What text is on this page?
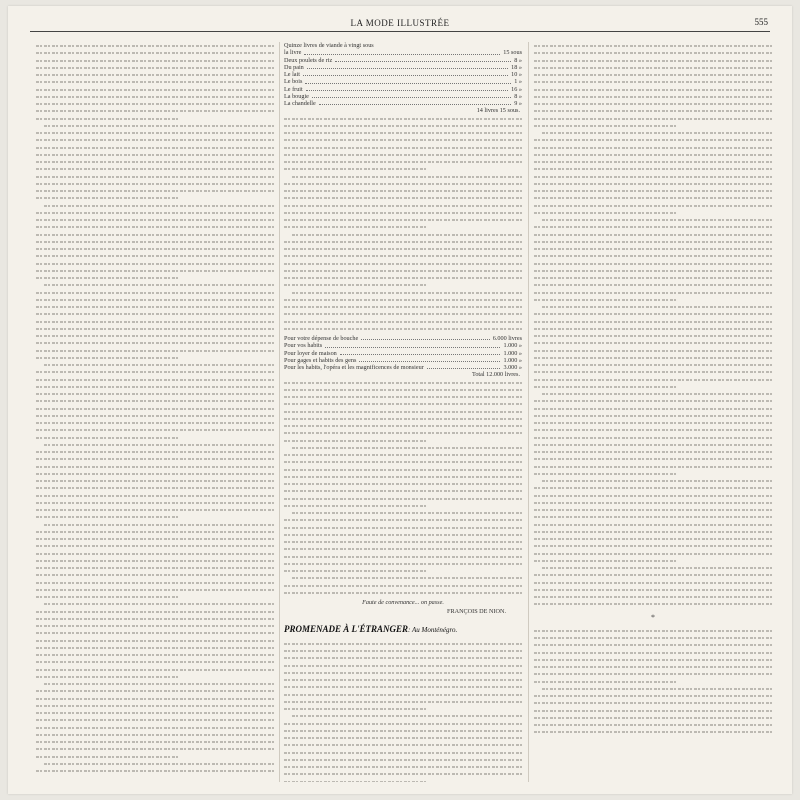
LA MODE ILLUSTRÉE	555
Quinze livres de viande à vingt sous
la livre	15 sous
Deux poulets de riz	8 »
Du pain	18 »
Le lait	10 »
Le bois	1 »
Le fruit	16 »
La bougie	8 »
La chandelle	9 »
14 livres 15 sous.
Pour votre dépense de bouche	6.000 livres
Pour vos habits	1.000 »
Pour loyer de maison	1.000 »
Pour gages et habits des gens	1.000 »
Pour les habits, l'opéra et les magnificences de monsieur	3.000 »
Total 12.000 livres.
Faute de convenance... on passe.
FRANÇOIS DE NION.
PROMENADE À L'ÉTRANGER: Au Monténégro.
*
